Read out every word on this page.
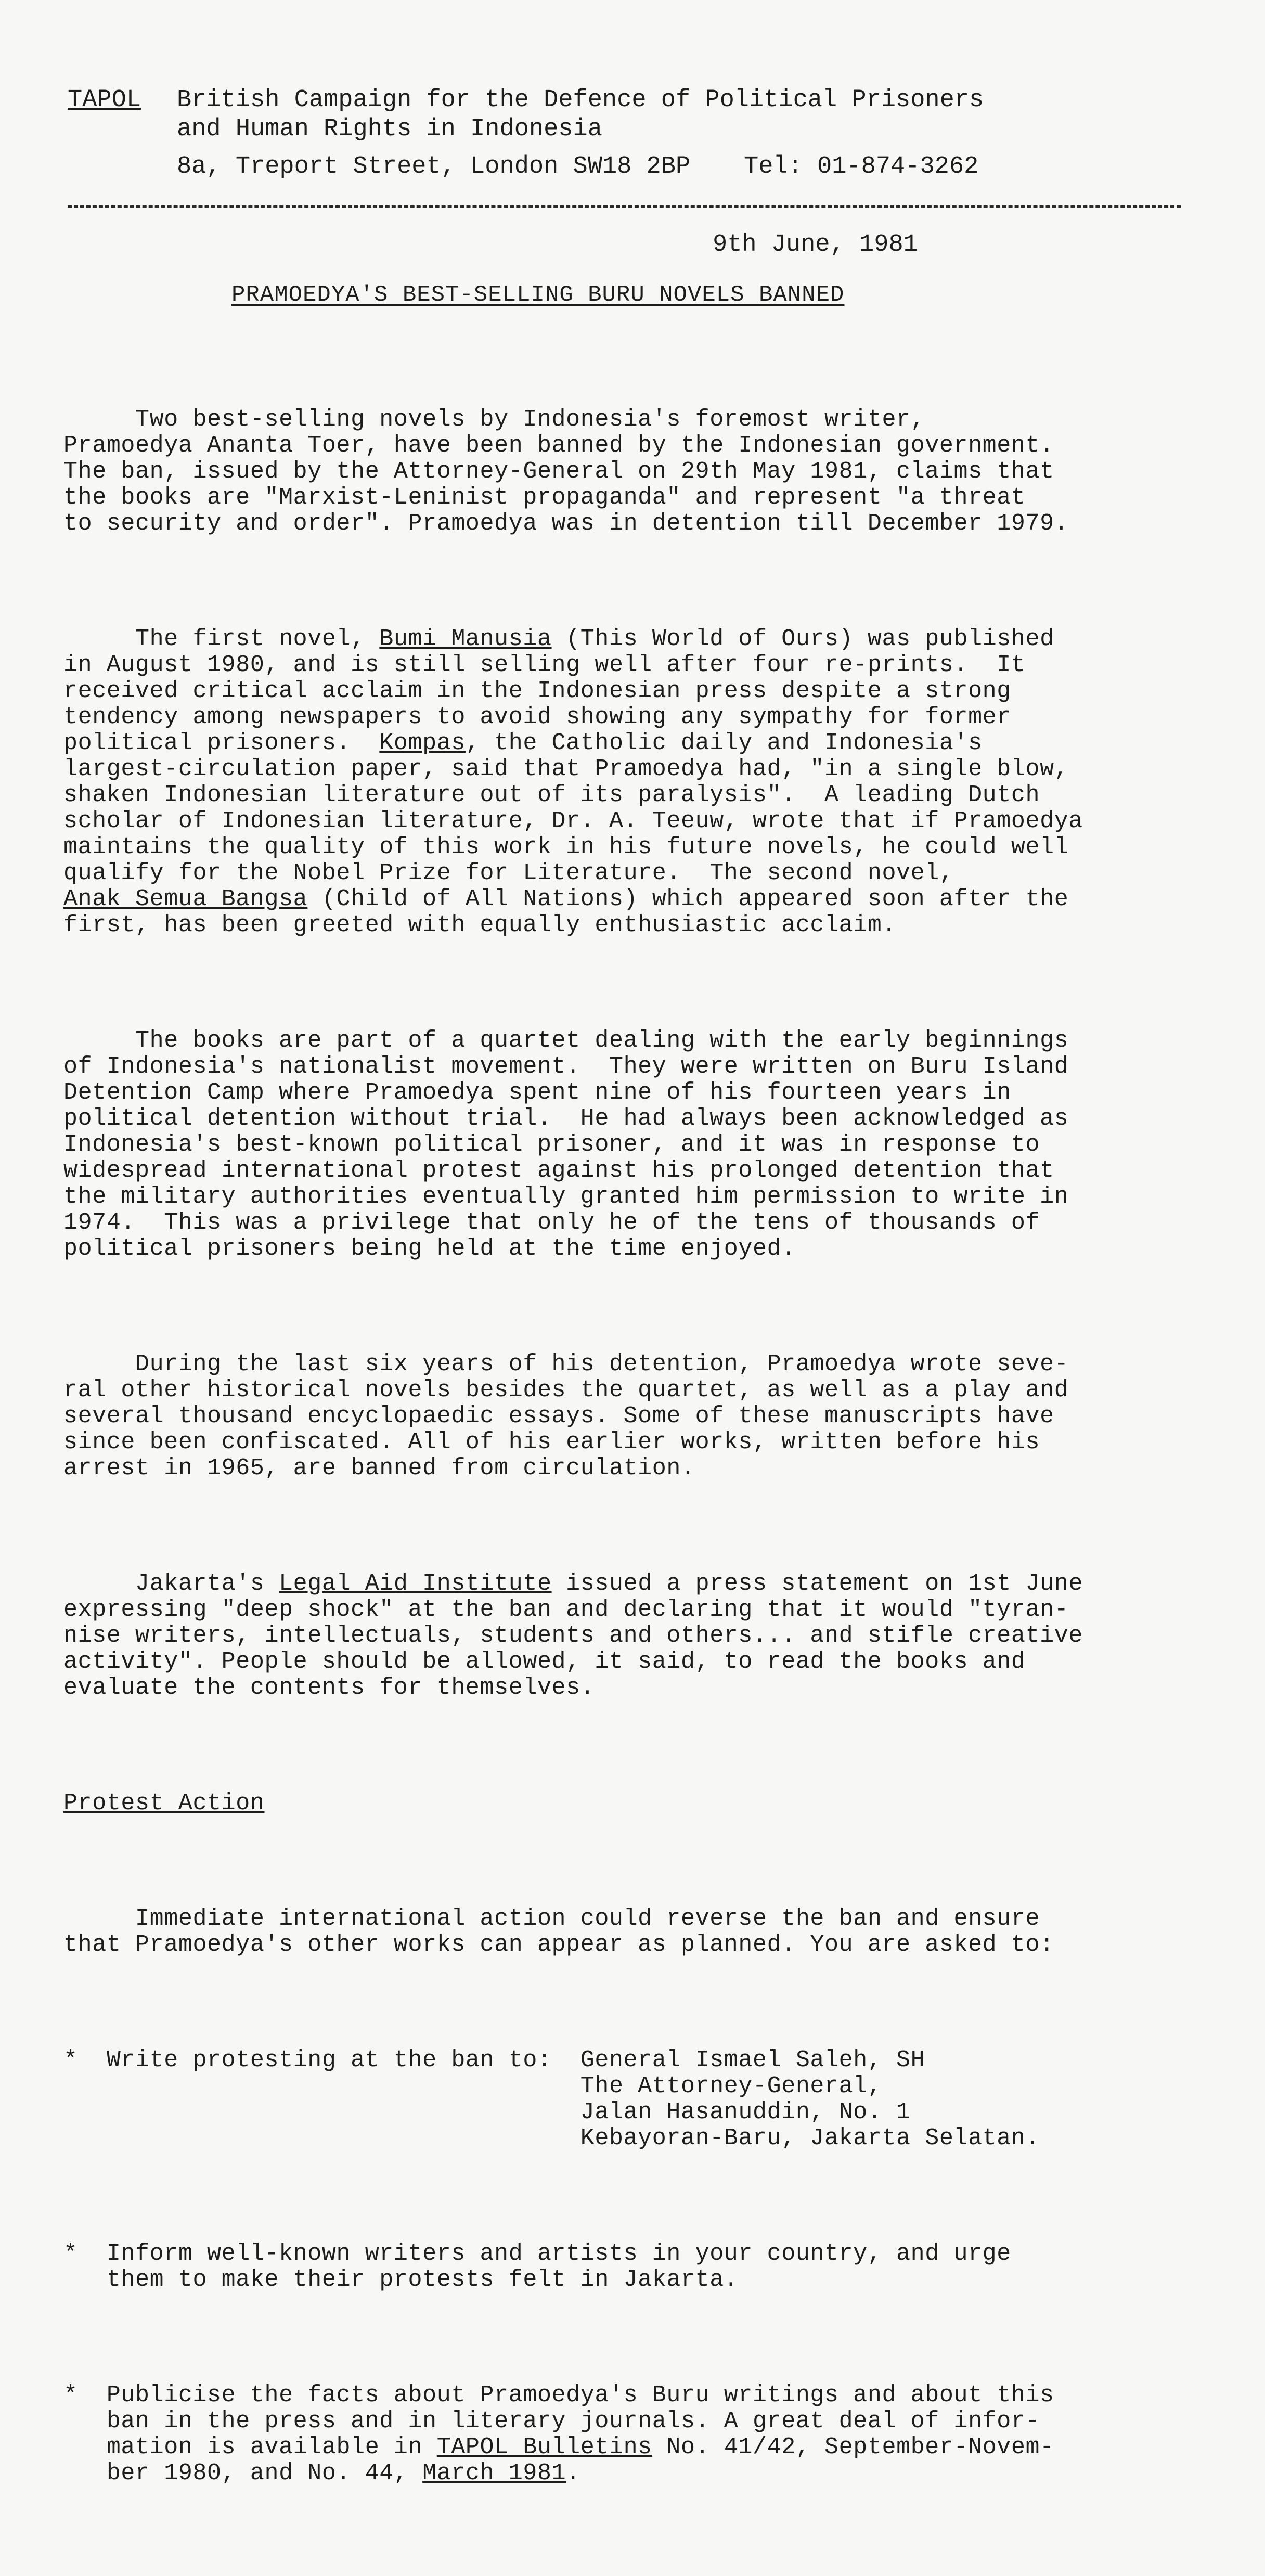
TAPOL British Campaign for the Defence of Political Prisoners
and Human Rights in Indonesia
8a, Treport Street, London SW18 2BP Tel: 01-874-3262
9th June, 1981
PRAMOEDYA'S BEST-SELLING BURU NOVELS BANNED

Two best-selling novels by Indonesia's foremost writer,
Pramoedya Ananta Toer, have been banned by the Indonesian government.
The ban, issued by the Attorney-General on 29th May 1981, claims that
the books are "Marxist-Leninist propaganda" and represent "a threat
to security and order". Pramoedya was in detention till December 1979.

The first novel, Bumi Manusia (This World of Ours) was published
in August 1980, and is still selling well after four re-prints.  It
received critical acclaim in the Indonesian press despite a strong
tendency among newspapers to avoid showing any sympathy for former
political prisoners.  Kompas, the Catholic daily and Indonesia's
largest-circulation paper, said that Pramoedya had, "in a single blow,
shaken Indonesian literature out of its paralysis".  A leading Dutch
scholar of Indonesian literature, Dr. A. Teeuw, wrote that if Pramoedya
maintains the quality of this work in his future novels, he could well
qualify for the Nobel Prize for Literature.  The second novel,
Anak Semua Bangsa (Child of All Nations) which appeared soon after the
first, has been greeted with equally enthusiastic acclaim.

The books are part of a quartet dealing with the early beginnings
of Indonesia's nationalist movement.  They were written on Buru Island
Detention Camp where Pramoedya spent nine of his fourteen years in
political detention without trial.  He had always been acknowledged as
Indonesia's best-known political prisoner, and it was in response to
widespread international protest against his prolonged detention that
the military authorities eventually granted him permission to write in
1974.  This was a privilege that only he of the tens of thousands of
political prisoners being held at the time enjoyed.

During the last six years of his detention, Pramoedya wrote seve-
ral other historical novels besides the quartet, as well as a play and
several thousand encyclopaedic essays. Some of these manuscripts have
since been confiscated. All of his earlier works, written before his
arrest in 1965, are banned from circulation.

Jakarta's Legal Aid Institute issued a press statement on 1st June
expressing "deep shock" at the ban and declaring that it would "tyran-
nise writers, intellectuals, students and others... and stifle creative
activity". People should be allowed, it said, to read the books and
evaluate the contents for themselves.

Protest Action

Immediate international action could reverse the ban and ensure
that Pramoedya's other works can appear as planned. You are asked to:

*  Write protesting at the ban to:  General Ismael Saleh, SH
The Attorney-General,
Jalan Hasanuddin, No. 1
Kebayoran-Baru, Jakarta Selatan.

*  Inform well-known writers and artists in your country, and urge
them to make their protests felt in Jakarta.

*  Publicise the facts about Pramoedya's Buru writings and about this
ban in the press and in literary journals. A great deal of infor-
mation is available in TAPOL Bulletins No. 41/42, September-Novem-
ber 1980, and No. 44, March 1981.
